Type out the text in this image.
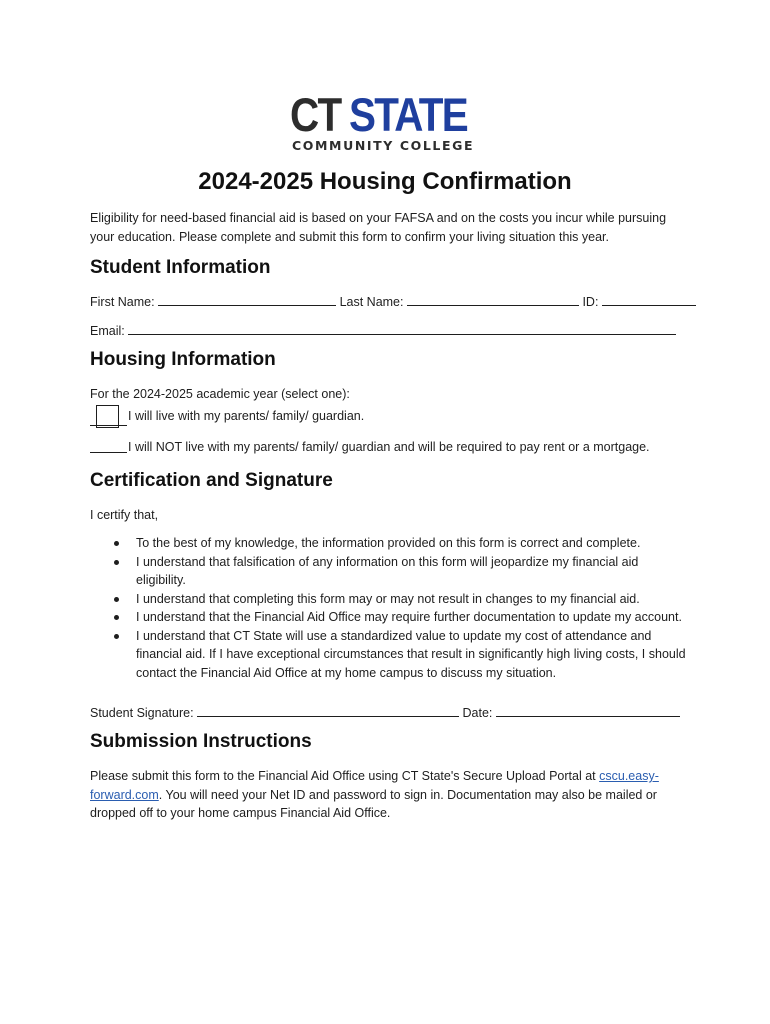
CT STATE
COMMUNITY COLLEGE
2024-2025 Housing Confirmation
Eligibility for need-based financial aid is based on your FAFSA and on the costs you incur while pursuing your education. Please complete and submit this form to confirm your living situation this year.
Student Information
First Name:	Last Name:	ID:
Email:
Housing Information
For the 2024-2025 academic year (select one):
I will live with my parents/ family/ guardian.
I will NOT live with my parents/ family/ guardian and will be required to pay rent or a mortgage.
Certification and Signature
I certify that,
To the best of my knowledge, the information provided on this form is correct and complete.
I understand that falsification of any information on this form will jeopardize my financial aid eligibility.
I understand that completing this form may or may not result in changes to my financial aid.
I understand that the Financial Aid Office may require further documentation to update my account.
I understand that CT State will use a standardized value to update my cost of attendance and financial aid. If I have exceptional circumstances that result in significantly high living costs, I should contact the Financial Aid Office at my home campus to discuss my situation.
Student Signature:	Date:
Submission Instructions
Please submit this form to the Financial Aid Office using CT State's Secure Upload Portal at cscu.easy-forward.com. You will need your Net ID and password to sign in. Documentation may also be mailed or dropped off to your home campus Financial Aid Office.
